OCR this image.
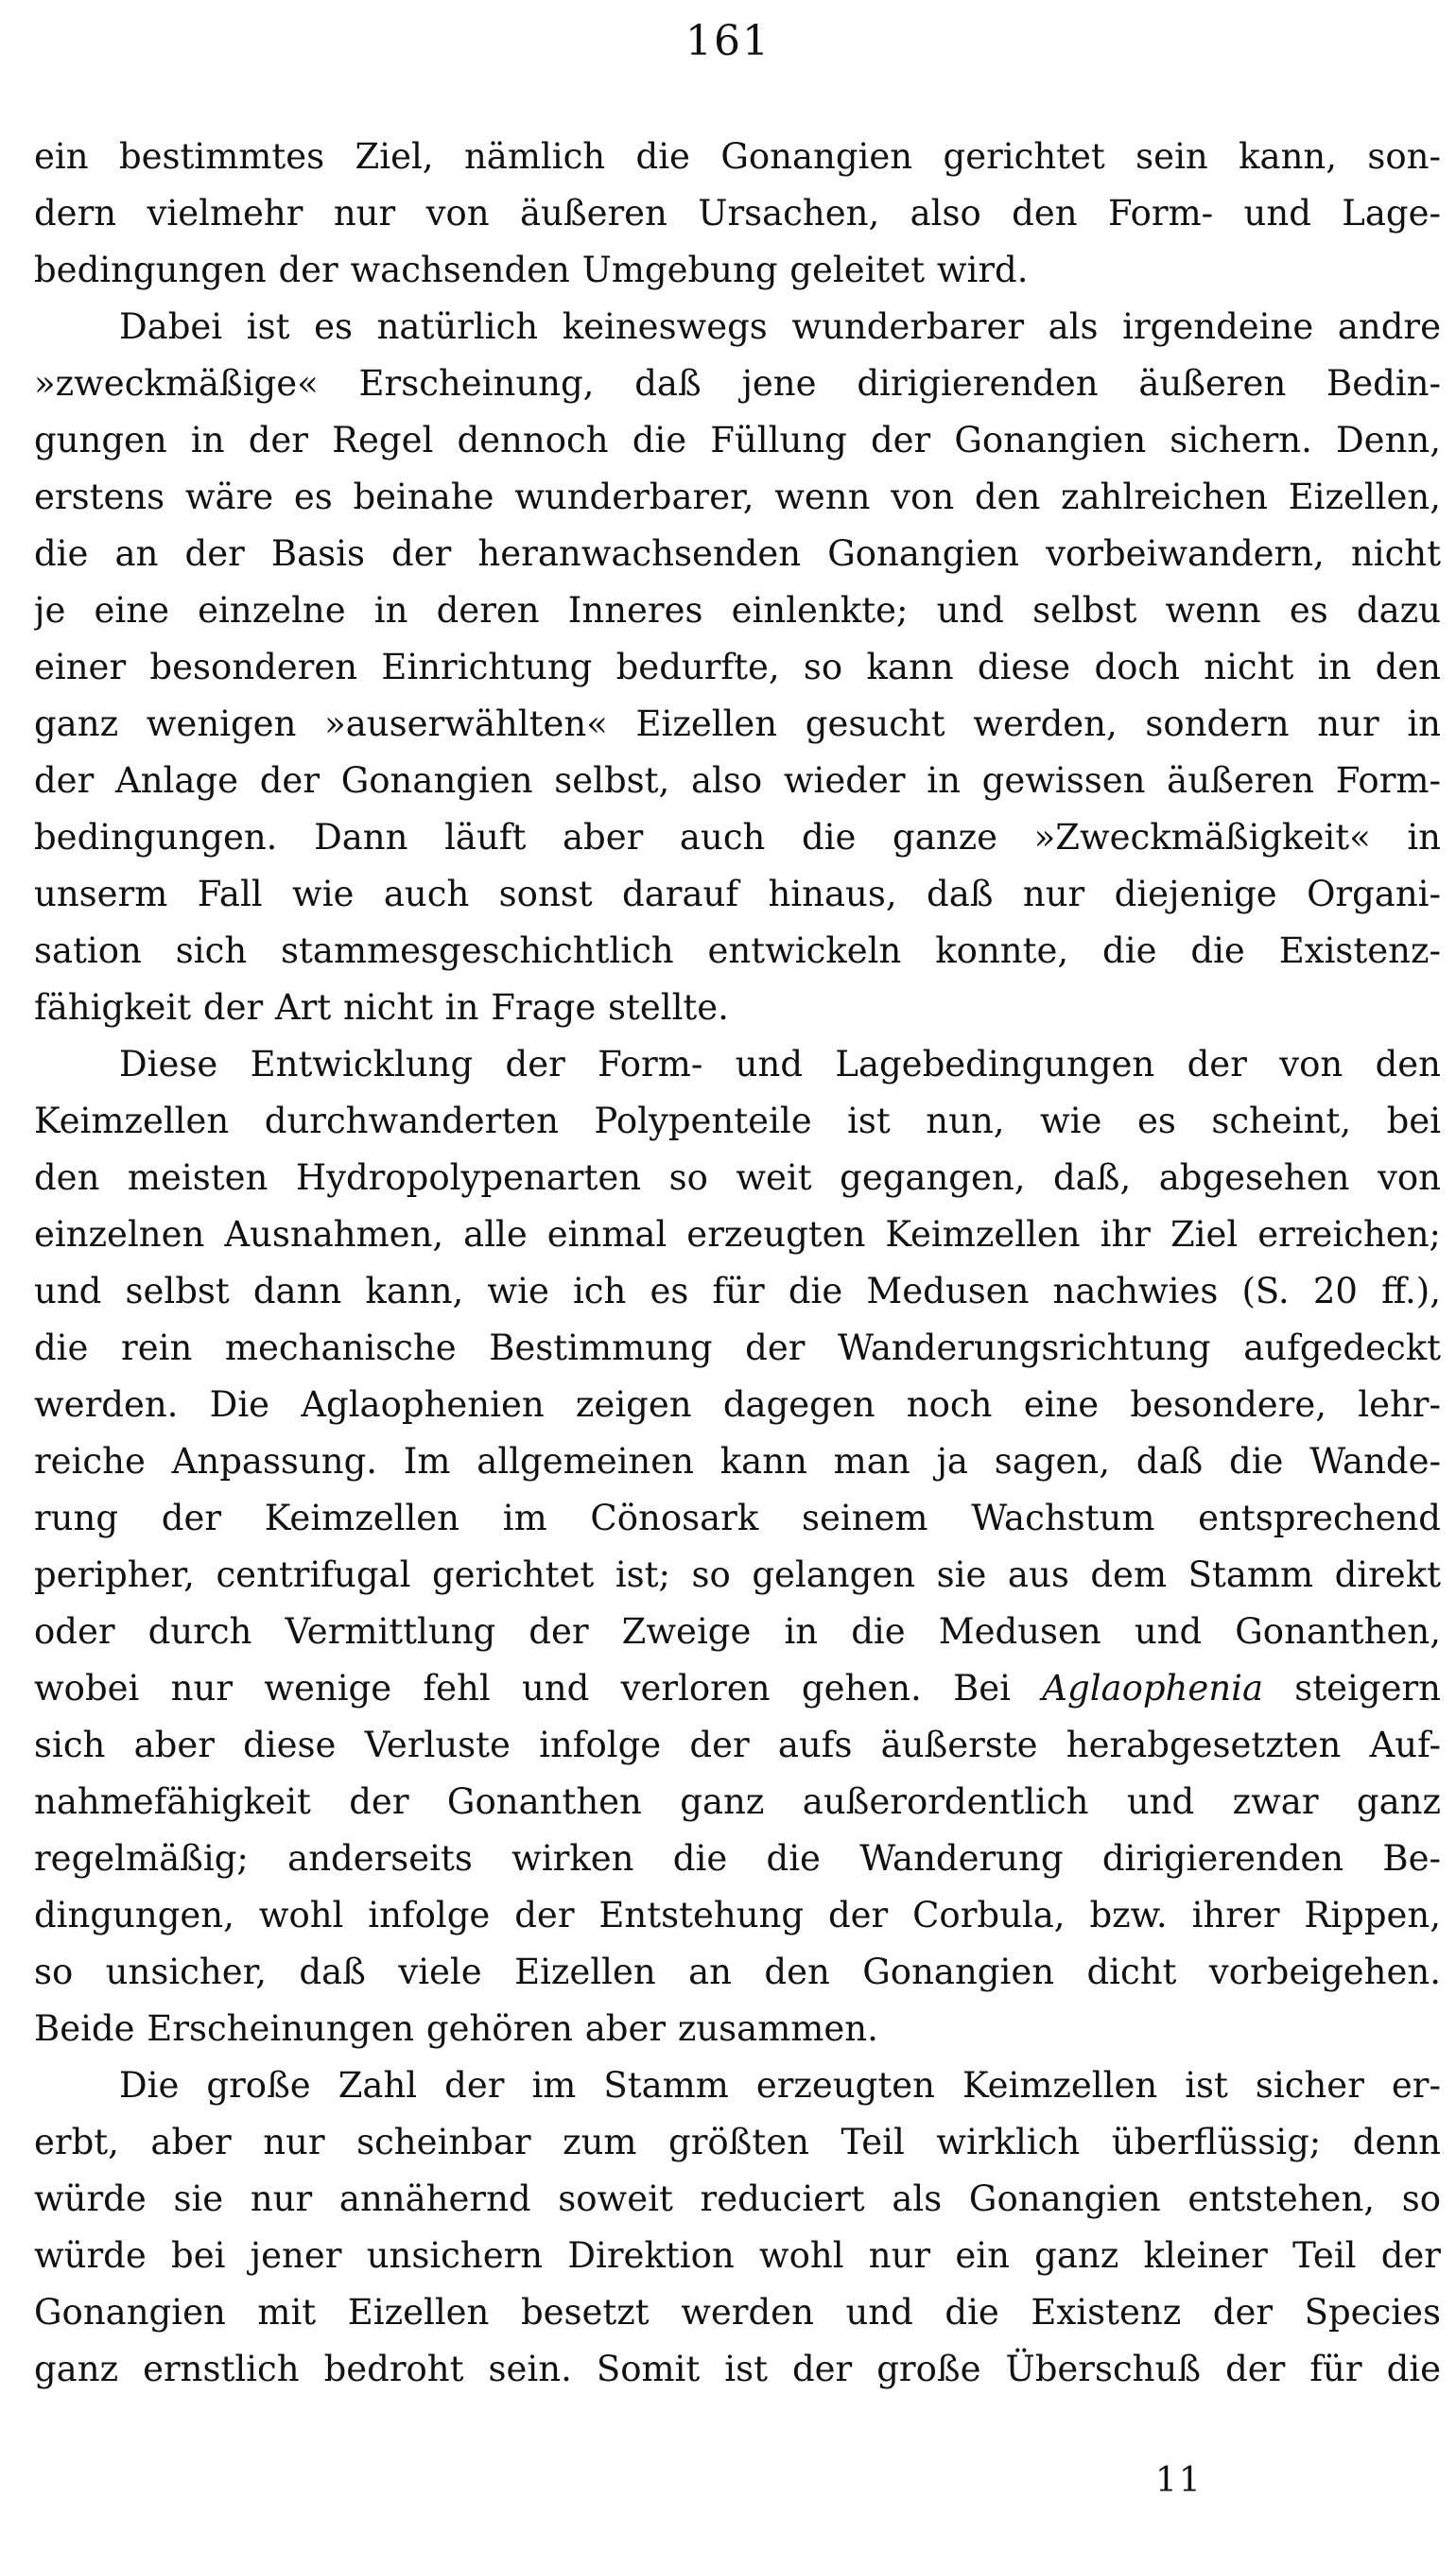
161
ein bestimmtes Ziel, nämlich die Gonangien gerichtet sein kann, son-
dern vielmehr nur von äußeren Ursachen, also den Form- und Lage-
bedingungen der wachsenden Umgebung geleitet wird.
Dabei ist es natürlich keineswegs wunderbarer als irgendeine andre
»zweckmäßige« Erscheinung, daß jene dirigierenden äußeren Bedin-
gungen in der Regel dennoch die Füllung der Gonangien sichern. Denn,
erstens wäre es beinahe wunderbarer, wenn von den zahlreichen Eizellen,
die an der Basis der heranwachsenden Gonangien vorbeiwandern, nicht
je eine einzelne in deren Inneres einlenkte; und selbst wenn es dazu
einer besonderen Einrichtung bedurfte, so kann diese doch nicht in den
ganz wenigen »auserwählten« Eizellen gesucht werden, sondern nur in
der Anlage der Gonangien selbst, also wieder in gewissen äußeren Form-
bedingungen. Dann läuft aber auch die ganze »Zweckmäßigkeit« in
unserm Fall wie auch sonst darauf hinaus, daß nur diejenige Organi-
sation sich stammesgeschichtlich entwickeln konnte, die die Existenz-
fähigkeit der Art nicht in Frage stellte.
Diese Entwicklung der Form- und Lagebedingungen der von den
Keimzellen durchwanderten Polypenteile ist nun, wie es scheint, bei
den meisten Hydropolypenarten so weit gegangen, daß, abgesehen von
einzelnen Ausnahmen, alle einmal erzeugten Keimzellen ihr Ziel erreichen;
und selbst dann kann, wie ich es für die Medusen nachwies (S. 20 ff.),
die rein mechanische Bestimmung der Wanderungsrichtung aufgedeckt
werden. Die Aglaophenien zeigen dagegen noch eine besondere, lehr-
reiche Anpassung. Im allgemeinen kann man ja sagen, daß die Wande-
rung der Keimzellen im Cönosark seinem Wachstum entsprechend
peripher, centrifugal gerichtet ist; so gelangen sie aus dem Stamm direkt
oder durch Vermittlung der Zweige in die Medusen und Gonanthen,
wobei nur wenige fehl und verloren gehen. Bei Aglaophenia steigern
sich aber diese Verluste infolge der aufs äußerste herabgesetzten Auf-
nahmefähigkeit der Gonanthen ganz außerordentlich und zwar ganz
regelmäßig; anderseits wirken die die Wanderung dirigierenden Be-
dingungen, wohl infolge der Entstehung der Corbula, bzw. ihrer Rippen,
so unsicher, daß viele Eizellen an den Gonangien dicht vorbeigehen.
Beide Erscheinungen gehören aber zusammen.
Die große Zahl der im Stamm erzeugten Keimzellen ist sicher er-
erbt, aber nur scheinbar zum größten Teil wirklich überflüssig; denn
würde sie nur annähernd soweit reduciert als Gonangien entstehen, so
würde bei jener unsichern Direktion wohl nur ein ganz kleiner Teil der
Gonangien mit Eizellen besetzt werden und die Existenz der Species
ganz ernstlich bedroht sein. Somit ist der große Überschuß der für die
11
